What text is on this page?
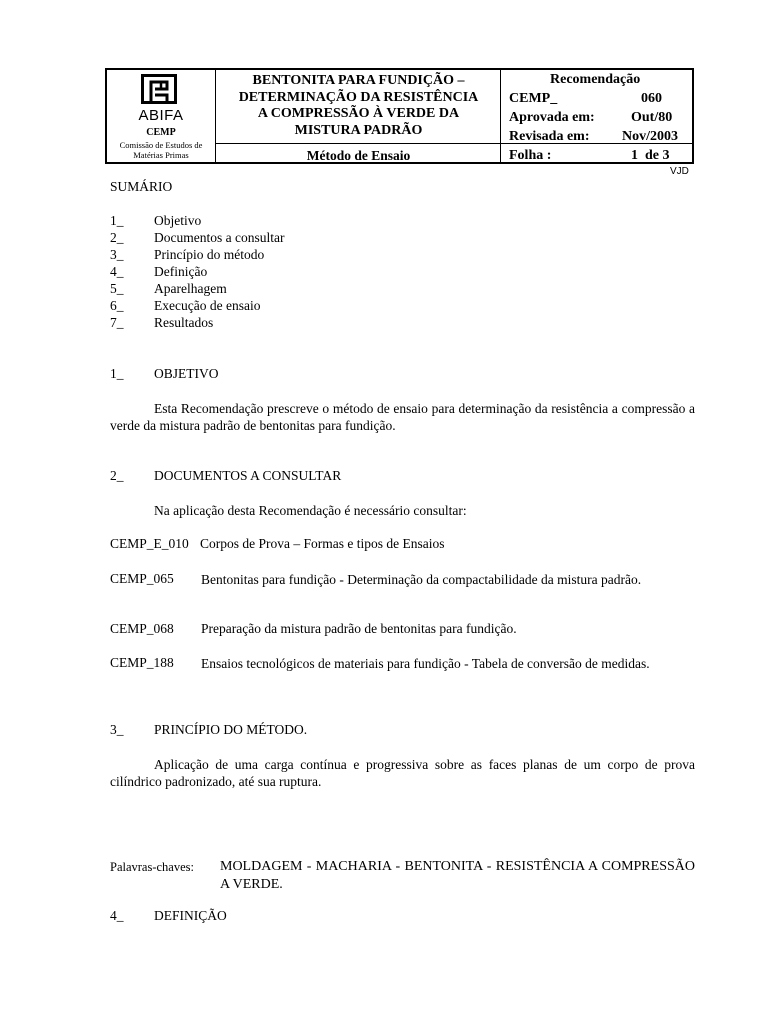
ABIFA
CEMP
Comissão de Estudos de
Matérias Primas
BENTONITA PARA FUNDIÇÃO –
DETERMINAÇÃO DA RESISTÊNCIA
A COMPRESSÃO À VERDE DA
MISTURA PADRÃO
Método de Ensaio
Recomendação
CEMP_	060
Aprovada em:	Out/80
Revisada em: Nov/2003
Folha :	1  de 3
VJD
SUMÁRIO
1_ Objetivo
2_ Documentos a consultar
3_ Princípio do método
4_ Definição
5_ Aparelhagem
6_ Execução de ensaio
7_ Resultados
1_ OBJETIVO
Esta Recomendação prescreve o método de ensaio para determinação da resistência a compressão a verde da mistura padrão de bentonitas para fundição.
2_ DOCUMENTOS A CONSULTAR
Na aplicação desta Recomendação é necessário consultar:
CEMP_E_010 Corpos de Prova – Formas e tipos de Ensaios
CEMP_065 Bentonitas para fundição - Determinação da compactabilidade da mistura padrão.
CEMP_068 Preparação da mistura padrão de bentonitas para fundição.
CEMP_188 Ensaios tecnológicos de materiais para fundição - Tabela de conversão de medidas.
3_ PRINCÍPIO DO MÉTODO.
Aplicação de uma carga contínua e progressiva sobre as faces planas de um corpo de prova cilíndrico padronizado, até sua ruptura.
Palavras-chaves: MOLDAGEM - MACHARIA - BENTONITA - RESISTÊNCIA A COMPRESSÃO A VERDE.
4_ DEFINIÇÃO
